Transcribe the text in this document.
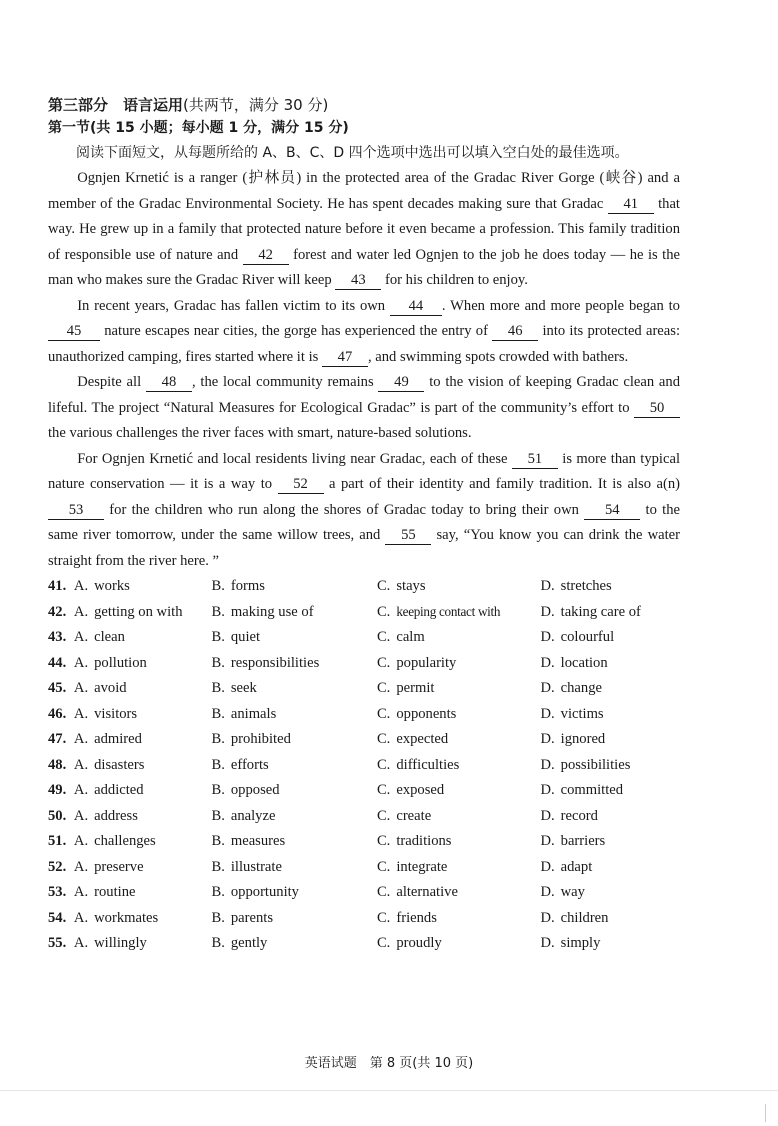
第三部分　语言运用(共两节，满分 30 分)
第一节(共 15 小题；每小题 1 分，满分 15 分)
阅读下面短文，从每题所给的 A、B、C、D 四个选项中选出可以填入空白处的最佳选项。

Ognjen Krnetić is a ranger (护林员) in the protected area of the Gradac River Gorge (峡谷) and a member of the Gradac Environmental Society. He has spent decades making sure that Gradac 41 that way. He grew up in a family that protected nature before it even became a profession. This family tradition of responsible use of nature and 42 forest and water led Ognjen to the job he does today — he is the man who makes sure the Gradac River will keep 43 for his children to enjoy.

In recent years, Gradac has fallen victim to its own 44 . When more and more people began to 45 nature escapes near cities, the gorge has experienced the entry of 46 into its protected areas: unauthorized camping, fires started where it is 47 , and swimming spots crowded with bathers.

Despite all 48 , the local community remains 49 to the vision of keeping Gradac clean and lifeful. The project “Natural Measures for Ecological Gradac” is part of the community’s effort to 50 the various challenges the river faces with smart, nature-based solutions.

For Ognjen Krnetić and local residents living near Gradac, each of these 51 is more than typical nature conservation — it is a way to 52 a part of their identity and family tradition. It is also a(n) 53 for the children who run along the shores of Gradac today to bring their own 54 to the same river tomorrow, under the same willow trees, and 55 say, “You know you can drink the water straight from the river here. ”

41. A. works	B. forms	C. stays	D. stretches
42. A. getting on with	B. making use of	C. keeping contact with	D. taking care of
43. A. clean	B. quiet	C. calm	D. colourful
44. A. pollution	B. responsibilities	C. popularity	D. location
45. A. avoid	B. seek	C. permit	D. change
46. A. visitors	B. animals	C. opponents	D. victims
47. A. admired	B. prohibited	C. expected	D. ignored
48. A. disasters	B. efforts	C. difficulties	D. possibilities
49. A. addicted	B. opposed	C. exposed	D. committed
50. A. address	B. analyze	C. create	D. record
51. A. challenges	B. measures	C. traditions	D. barriers
52. A. preserve	B. illustrate	C. integrate	D. adapt
53. A. routine	B. opportunity	C. alternative	D. way
54. A. workmates	B. parents	C. friends	D. children
55. A. willingly	B. gently	C. proudly	D. simply
英语试题　第 8 页(共 10 页)
